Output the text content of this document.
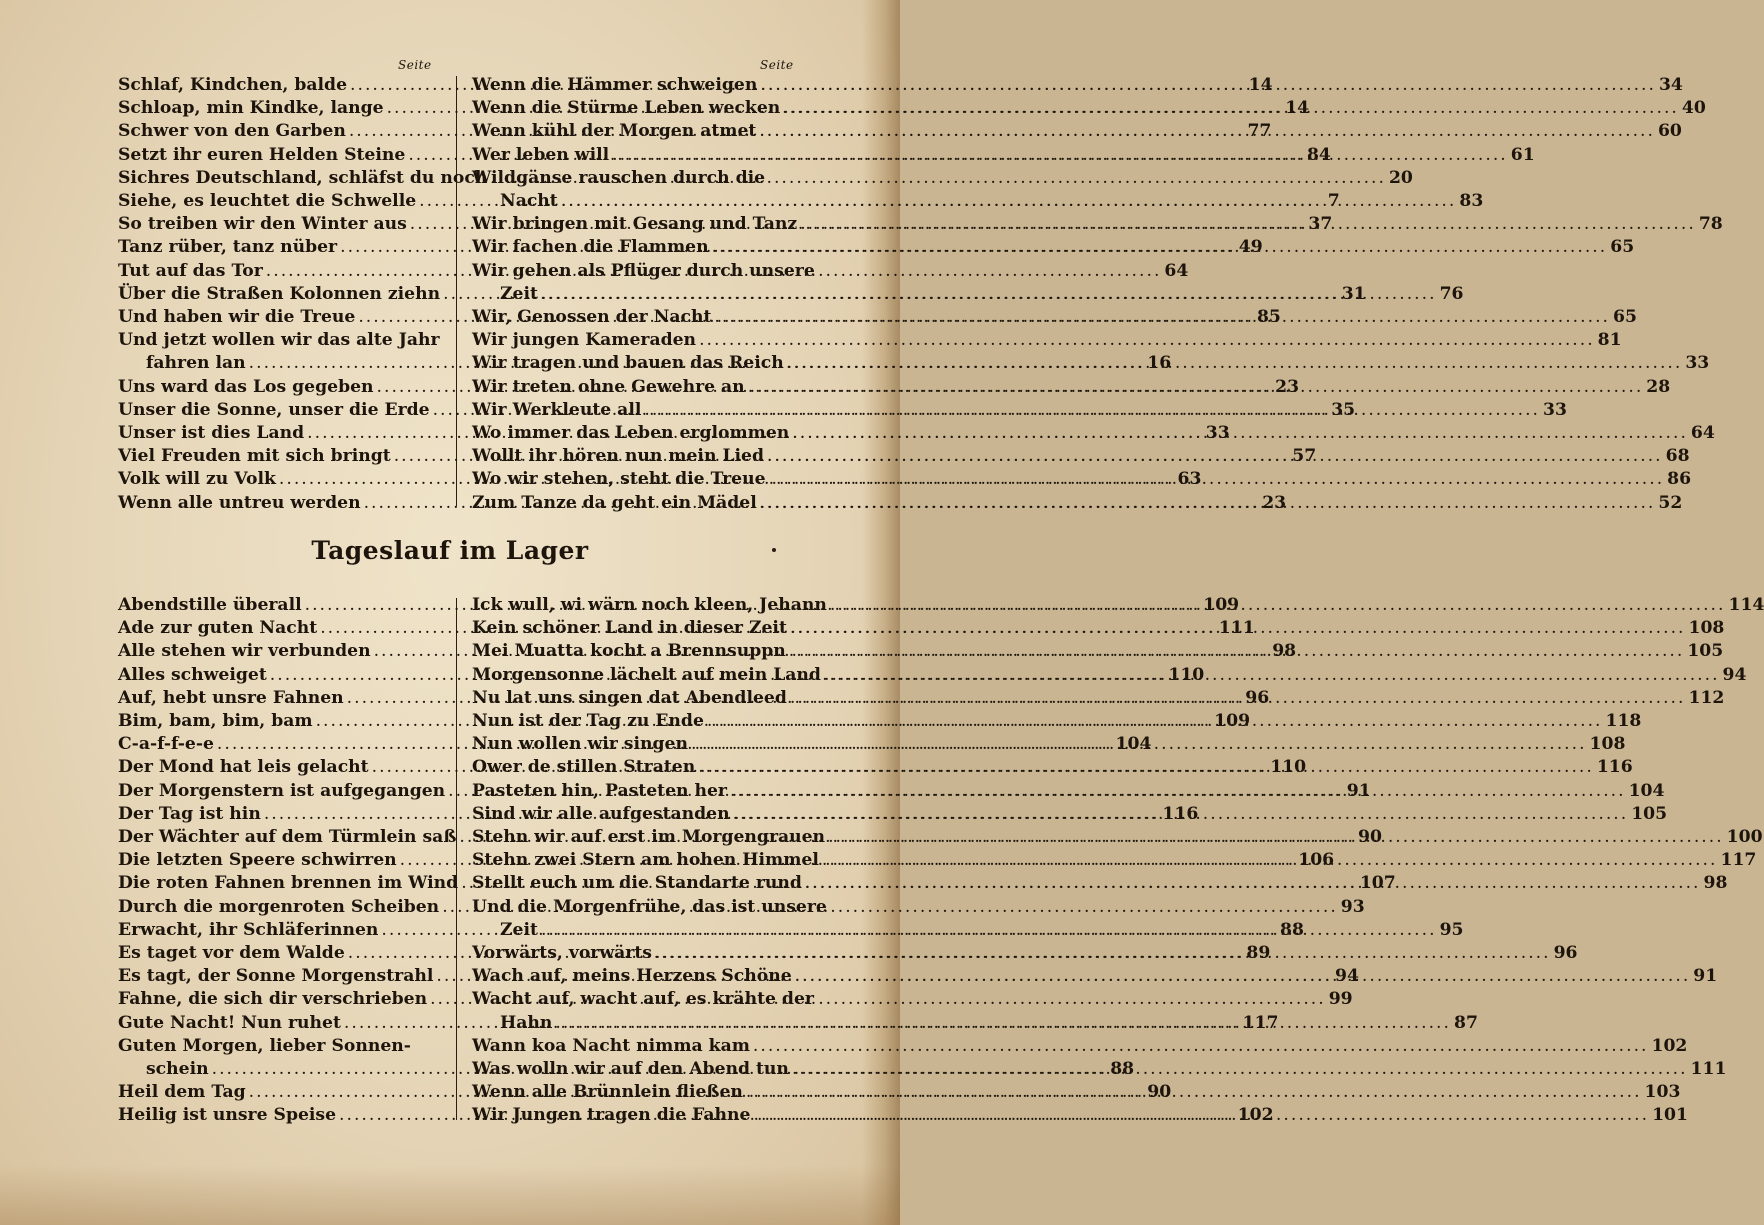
Seite	Seite
Schlaf, Kindchen, balde .....	14
Schloap, min Kindke, lange .....	14
Schwer von den Garben .....	77
Setzt ihr euren Helden Steine .....	84
Sichres Deutschland, schläfst du noch .....	20
Siehe, es leuchtet die Schwelle .....	7
So treiben wir den Winter aus .....	37
Tanz rüber, tanz nüber .....	49
Tut auf das Tor .....	64
Über die Straßen Kolonnen ziehn .....	31
Und haben wir die Treue .....	85
Und jetzt wollen wir das alte Jahr
fahren lan .....	16
Uns ward das Los gegeben .....	23
Unser die Sonne, unser die Erde .....	35
Unser ist dies Land .....	33
Viel Freuden mit sich bringt .....	57
Volk will zu Volk .....	63
Wenn alle untreu werden .....	23
Wenn die Hämmer schweigen .....	34
Wenn die Stürme Leben wecken .....	40
Wenn kühl der Morgen atmet .....	60
Wer leben will .....	61
Wildgänse rauschen durch die
Nacht .....	83
Wir bringen mit Gesang und Tanz .....	78
Wir fachen die Flammen .....	65
Wir gehen als Pflüger durch unsere
Zeit .....	76
Wir, Genossen der Nacht .....	65
Wir jungen Kameraden .....	81
Wir tragen und bauen das Reich .....	33
Wir treten ohne Gewehre an .....	28
Wir Werkleute all .....	33
Wo immer das Leben erglommen .....	64
Wollt ihr hören nun mein Lied .....	68
Wo wir stehen, steht die Treue .....	86
Zum Tanze da geht ein Mädel .....	52
Tageslauf im Lager
Abendstille überall .....	109
Ade zur guten Nacht .....	111
Alle stehen wir verbunden .....	98
Alles schweiget .....	110
Auf, hebt unsre Fahnen .....	96
Bim, bam, bim, bam .....	109
C-a-f-f-e-e .....	104
Der Mond hat leis gelacht .....	110
Der Morgenstern ist aufgegangen .....	91
Der Tag ist hin .....	116
Der Wächter auf dem Türmlein saß .....	90
Die letzten Speere schwirren .....	106
Die roten Fahnen brennen im Wind .....	107
Durch die morgenroten Scheiben .....	93
Erwacht, ihr Schläferinnen .....	88
Es taget vor dem Walde .....	89
Es tagt, der Sonne Morgenstrahl .....	94
Fahne, die sich dir verschrieben .....	99
Gute Nacht! Nun ruhet .....	117
Guten Morgen, lieber Sonnen-
schein .....	88
Heil dem Tag .....	90
Heilig ist unsre Speise .....	102
Ick wull, wi wärn noch kleen, Jehann .....	114
Kein schöner Land in dieser Zeit .....	108
Mei Muatta kocht a Brennsuppn .....	105
Morgensonne lächelt auf mein Land .....	94
Nu lat uns singen dat Abendleed .....	112
Nun ist der Tag zu Ende .....	118
Nun wollen wir singen .....	108
Ower de stillen Straten .....	116
Pasteten hin, Pasteten her .....	104
Sind wir alle aufgestanden .....	105
Stehn wir auf erst im Morgengrauen .....	100
Stehn zwei Stern am hohen Himmel .....	117
Stellt euch um die Standarte rund .....	98
Und die Morgenfrühe, das ist unsere
Zeit .....	95
Vorwärts, vorwärts .....	96
Wach auf, meins Herzens Schöne .....	91
Wacht auf, wacht auf, es krähte der
Hahn .....	87
Wann koa Nacht nimma kam .....	102
Was wolln wir auf den Abend tun .....	111
Wenn alle Brünnlein fließen .....	103
Wir Jungen tragen die Fahne .....	101
